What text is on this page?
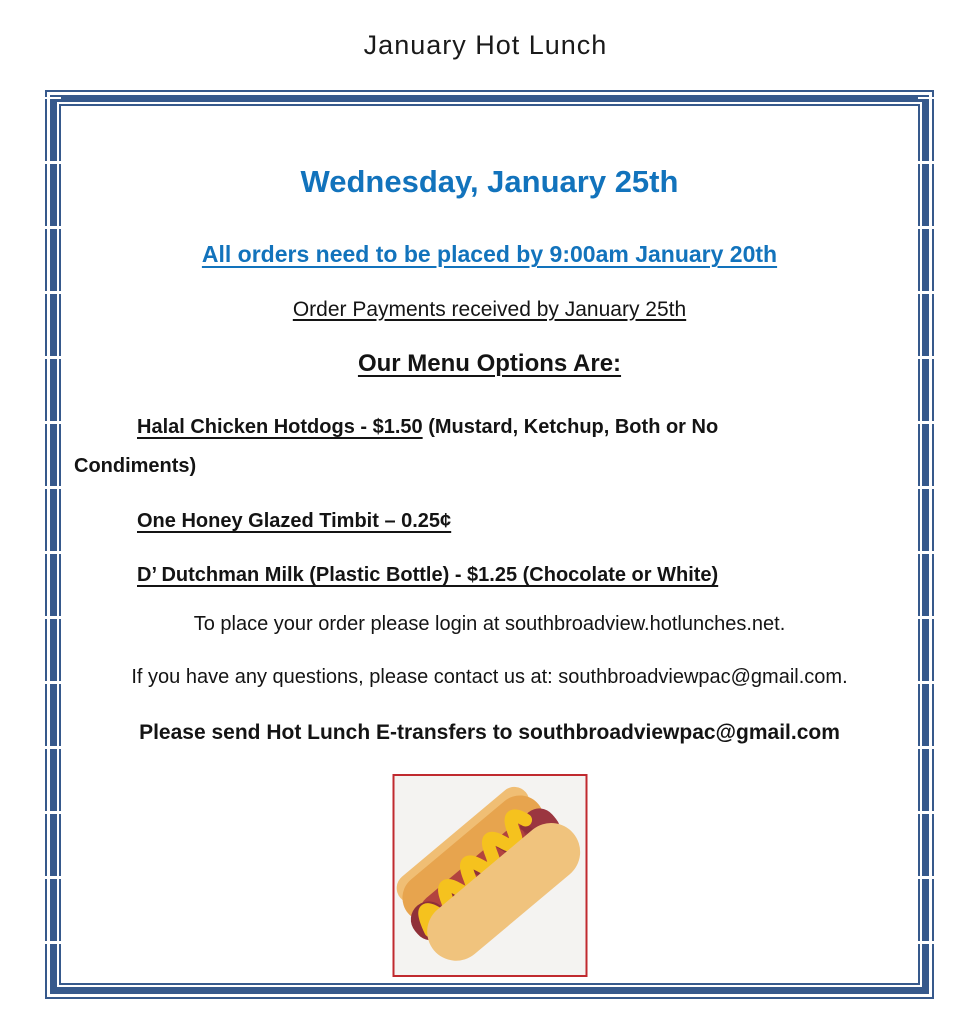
January Hot Lunch
Wednesday, January 25th
All orders need to be placed by 9:00am January 20th
Order Payments received by January 25th
Our Menu Options Are:
Halal Chicken Hotdogs - $1.50 (Mustard, Ketchup, Both or No Condiments)
One Honey Glazed Timbit – 0.25¢
D’ Dutchman Milk (Plastic Bottle) - $1.25 (Chocolate or White)
To place your order please login at southbroadview.hotlunches.net.
If you have any questions, please contact us at: southbroadviewpac@gmail.com.
Please send Hot Lunch E-transfers to southbroadviewpac@gmail.com
